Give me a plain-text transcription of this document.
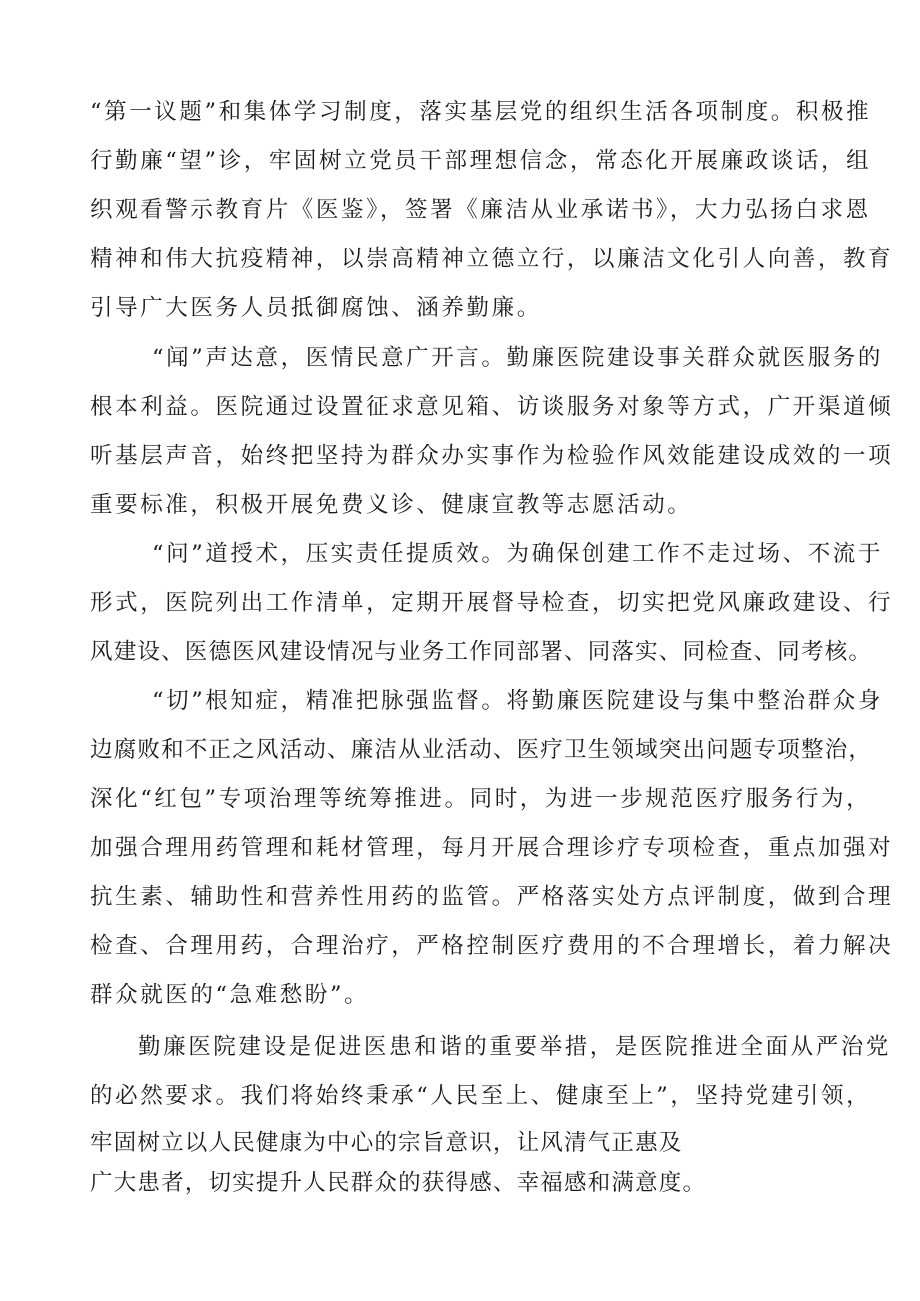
“第一议题”和集体学习制度，落实基层党的组织生活各项制度。积极推
行勤廉“望”诊，牢固树立党员干部理想信念，常态化开展廉政谈话，组
织观看警示教育片《医鉴》，签署《廉洁从业承诺书》，大力弘扬白求恩
精神和伟大抗疫精神，以崇高精神立德立行，以廉洁文化引人向善，教育
引导广大医务人员抵御腐蚀、涵养勤廉。
“闻”声达意，医情民意广开言。勤廉医院建设事关群众就医服务的
根本利益。医院通过设置征求意见箱、访谈服务对象等方式，广开渠道倾
听基层声音，始终把坚持为群众办实事作为检验作风效能建设成效的一项
重要标准，积极开展免费义诊、健康宣教等志愿活动。
“问”道授术，压实责任提质效。为确保创建工作不走过场、不流于
形式，医院列出工作清单，定期开展督导检查，切实把党风廉政建设、行
风建设、医德医风建设情况与业务工作同部署、同落实、同检查、同考核。
“切”根知症，精准把脉强监督。将勤廉医院建设与集中整治群众身
边腐败和不正之风活动、廉洁从业活动、医疗卫生领域突出问题专项整治，
深化“红包”专项治理等统筹推进。同时，为进一步规范医疗服务行为，
加强合理用药管理和耗材管理，每月开展合理诊疗专项检查，重点加强对
抗生素、辅助性和营养性用药的监管。严格落实处方点评制度，做到合理
检查、合理用药，合理治疗，严格控制医疗费用的不合理增长，着力解决
群众就医的“急难愁盼”。
勤廉医院建设是促进医患和谐的重要举措，是医院推进全面从严治党
的必然要求。我们将始终秉承“人民至上、健康至上”，坚持党建引领，
牢固树立以人民健康为中心的宗旨意识，让风清气正惠及
广大患者，切实提升人民群众的获得感、幸福感和满意度。
